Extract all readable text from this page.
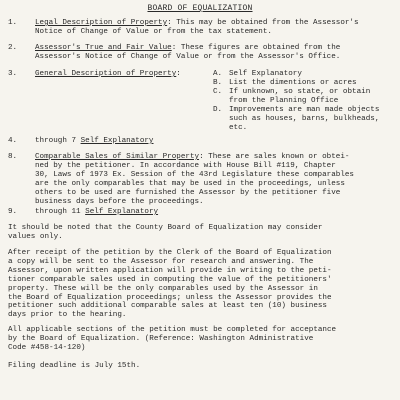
BOARD OF EQUALIZATION
1. Legal Description of Property: This may be obtained from the Assessor's
Notice of Change of Value or from the tax statement.
2. Assessor's True and Fair Value: These figures are obtained from the
Assessor's Notice of Change of Value or from the Assessor's Office.
3. General Description of Property:	A. Self Explanatory
B. List the dimentions or acres
C. If unknown, so state, or obtain
from the Planning Office
D. Improvements are man made objects
such as houses, barns, bulkheads,
etc.
4. through 7 Self Explanatory
8. Comparable Sales of Similar Property: These are sales known or obtei-
ned by the petitioner. In accordance with House Bill #119, Chapter
30, Laws of 1973 Ex. Session of the 43rd Legislature these comparables
are the only comparables that may be used in the proceedings, unless
others to be used are furnished the Assessor by the petitioner five
business days before the proceedings.
9. through 11 Self Explanatory
It should be noted that the County Board of Equalization may consider
values only.
After receipt of the petition by the Clerk of the Board of Equalization
a copy will be sent to the Assessor for research and answering. The
Assessor, upon written application will provide in writing to the peti-
tioner comparable sales used in computing the value of the petitioners'
property. These will be the only comparables used by the Assessor in
the Board of Equalization proceedings; unless the Assessor provides the
petitioner such additional comparable sales at least ten (10) business
days prior to the hearing.
All applicable sections of the petition must be completed for acceptance
by the Board of Equalization. (Reference: Washington Administrative
Code #458-14-120)
Filing deadline is July 15th.
